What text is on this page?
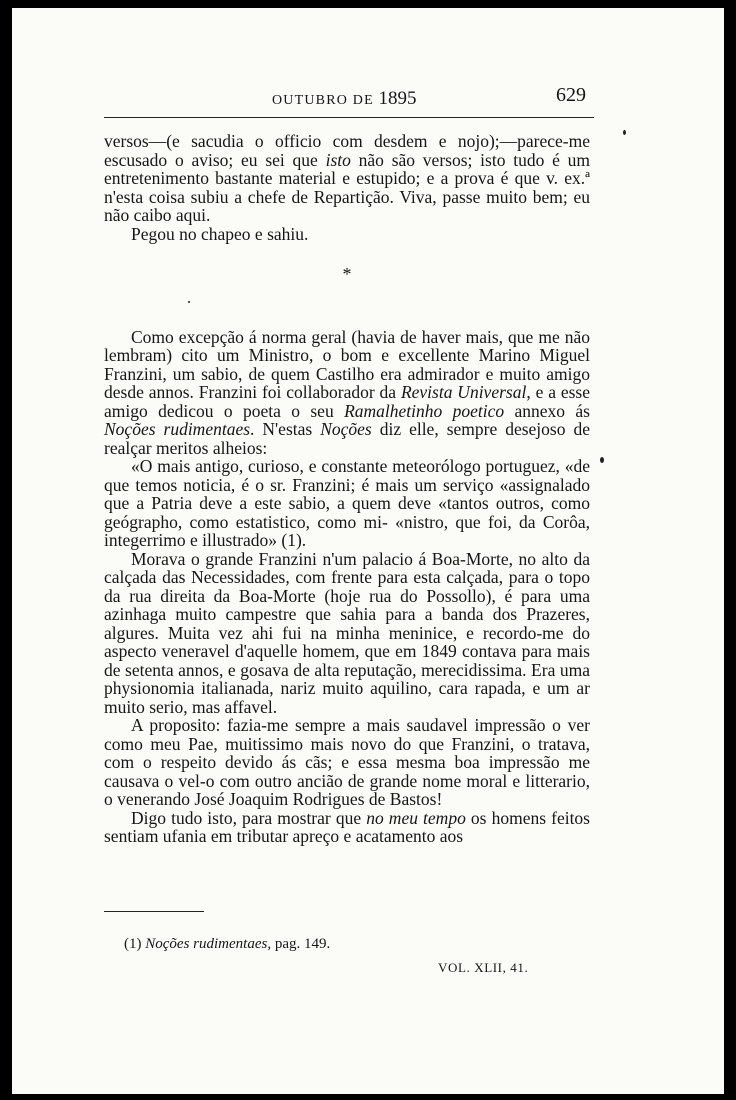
OUTUBRO DE 1895	629

versos—(e sacudia o officio com desdem e nojo);—parece-me escusado o aviso; eu sei que isto não são versos; isto tudo é um entretenimento bastante material e estupido; e a prova é que v. ex.ª n'esta coisa subiu a chefe de Repartição. Viva, passe muito bem; eu não caibo aqui.

Pegou no chapeo e sahiu.

*

Como excepção á norma geral (havia de haver mais, que me não lembram) cito um Ministro, o bom e excellente Marino Miguel Franzini, um sabio, de quem Castilho era admirador e muito amigo desde annos. Franzini foi collaborador da Revista Universal, e a esse amigo dedicou o poeta o seu Ramalhetinho poetico annexo ás Noções rudimentaes. N'estas Noções diz elle, sempre desejoso de realçar meritos alheios:

«O mais antigo, curioso, e constante meteorólogo portuguez, «de que temos noticia, é o sr. Franzini; é mais um serviço «assignalado que a Patria deve a este sabio, a quem deve «tantos outros, como geógrapho, como estatistico, como mi- «nistro, que foi, da Corôa, integerrimo e illustrado» (1).

Morava o grande Franzini n'um palacio á Boa-Morte, no alto da calçada das Necessidades, com frente para esta calçada, para o topo da rua direita da Boa-Morte (hoje rua do Possollo), é para uma azinhaga muito campestre que sahia para a banda dos Prazeres, algures. Muita vez ahi fui na minha meninice, e recordo-me do aspecto veneravel d'aquelle homem, que em 1849 contava para mais de setenta annos, e gosava de alta reputação, merecidissima. Era uma physionomia italianada, nariz muito aquilino, cara rapada, e um ar muito serio, mas affavel.

A proposito: fazia-me sempre a mais saudavel impressão o ver como meu Pae, muitissimo mais novo do que Franzini, o tratava, com o respeito devido ás cãs; e essa mesma boa impressão me causava o vel-o com outro ancião de grande nome moral e litterario, o venerando José Joaquim Rodrigues de Bastos!

Digo tudo isto, para mostrar que no meu tempo os homens feitos sentiam ufania em tributar apreço e acatamento aos

(1) Noções rudimentaes, pag. 149.
VOL. XLII, 41.
